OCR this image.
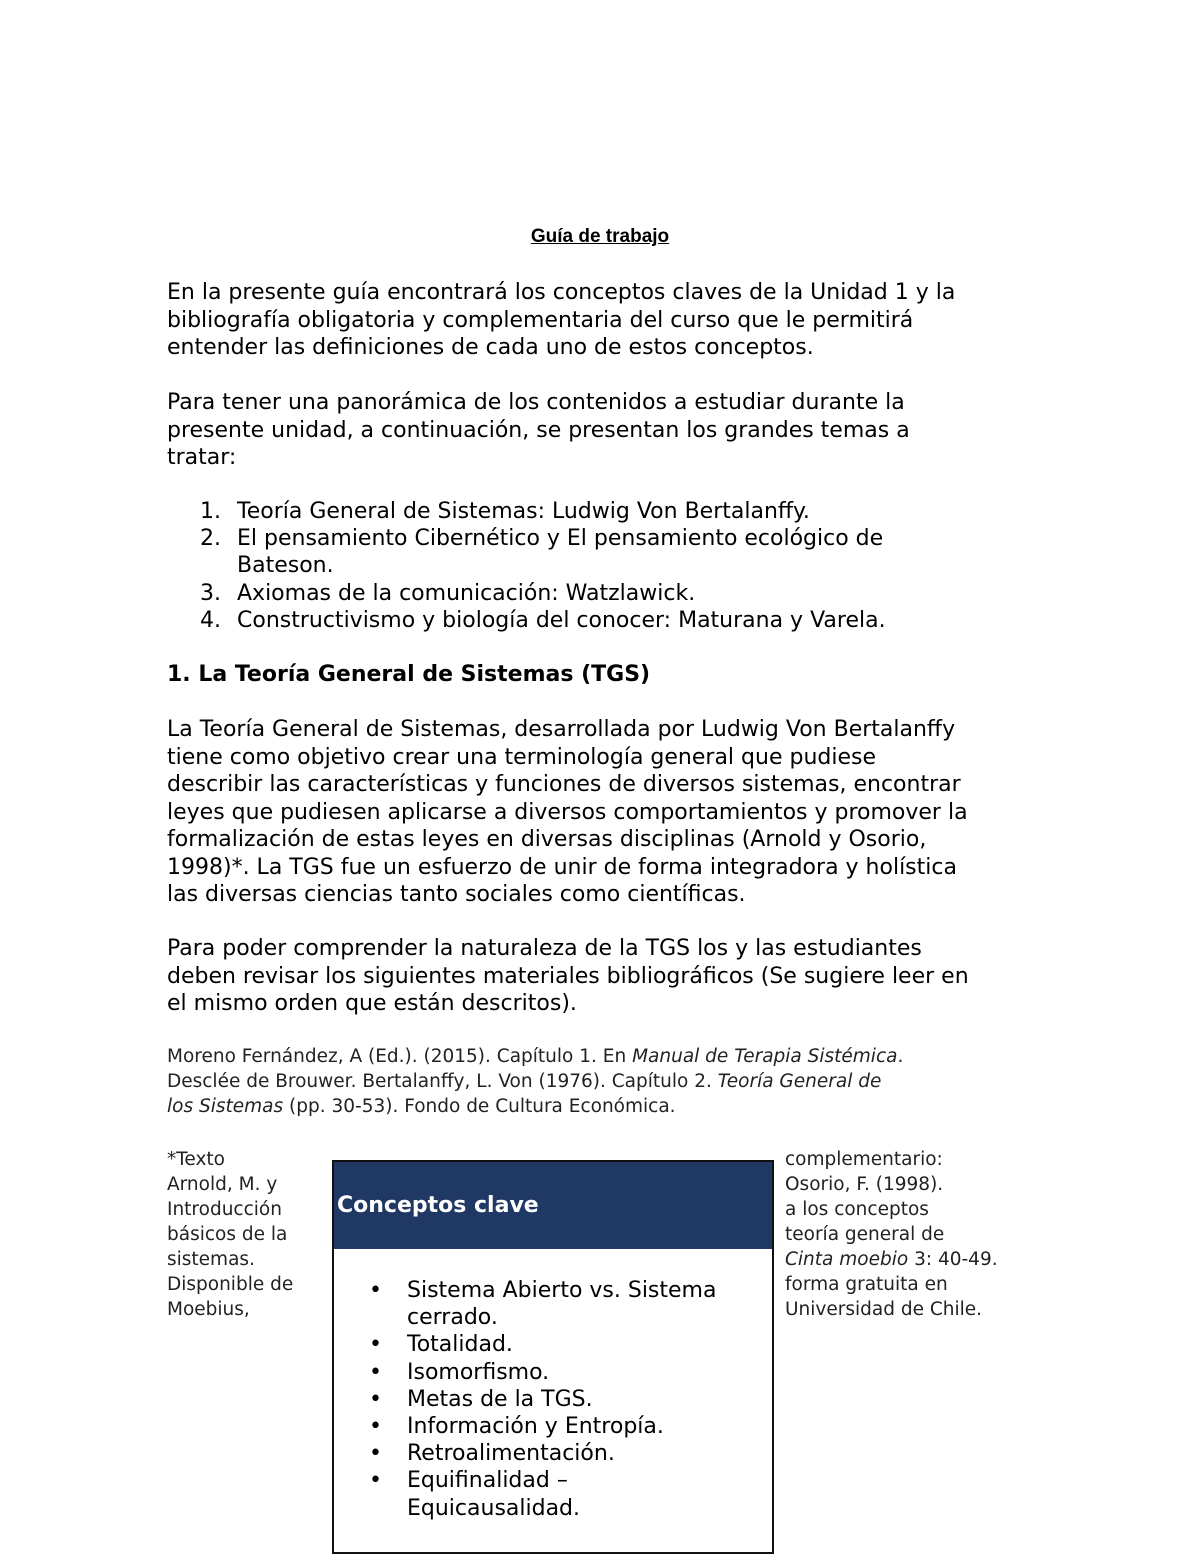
Guía de trabajo

En la presente guía encontrará los conceptos claves de la Unidad 1 y la
bibliografía obligatoria y complementaria del curso que le permitirá
entender las definiciones de cada uno de estos conceptos.

Para tener una panorámica de los contenidos a estudiar durante la
presente unidad, a continuación, se presentan los grandes temas a
tratar:

1. Teoría General de Sistemas: Ludwig Von Bertalanffy.
2. El pensamiento Cibernético y El pensamiento ecológico de
Bateson.
3. Axiomas de la comunicación: Watzlawick.
4. Constructivismo y biología del conocer: Maturana y Varela.
1. La Teoría General de Sistemas (TGS)

La Teoría General de Sistemas, desarrollada por Ludwig Von Bertalanffy
tiene como objetivo crear una terminología general que pudiese
describir las características y funciones de diversos sistemas, encontrar
leyes que pudiesen aplicarse a diversos comportamientos y promover la
formalización de estas leyes en diversas disciplinas (Arnold y Osorio,
1998)*. La TGS fue un esfuerzo de unir de forma integradora y holística
las diversas ciencias tanto sociales como científicas.

Para poder comprender la naturaleza de la TGS los y las estudiantes
deben revisar los siguientes materiales bibliográficos (Se sugiere leer en
el mismo orden que están descritos).

Moreno Fernández, A (Ed.). (2015). Capítulo 1. En Manual de Terapia Sistémica.
Desclée de Brouwer. Bertalanffy, L. Von (1976). Capítulo 2. Teoría General de
los Sistemas (pp. 30-53). Fondo de Cultura Económica.

*Texto
Arnold, M. y
Introducción
básicos de la
sistemas.
Disponible de
Moebius,

complementario:
Osorio, F. (1998).
a los conceptos
teoría general de
Cinta moebio 3: 40-49.
forma gratuita en
Universidad de Chile.

Conceptos clave
• Sistema Abierto vs. Sistema
cerrado.
• Totalidad.
• Isomorfismo.
• Metas de la TGS.
• Información y Entropía.
• Retroalimentación.
• Equifinalidad –
Equicausalidad.
